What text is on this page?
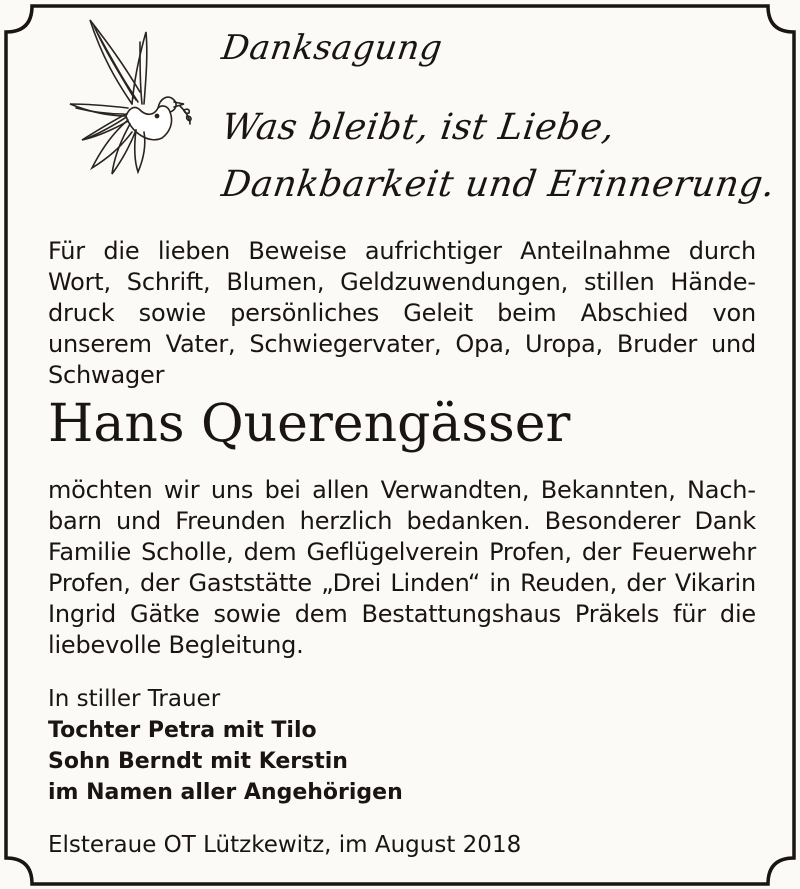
Danksagung
Was bleibt, ist Liebe,
Dankbarkeit und Erinnerung.
Für die lieben Beweise aufrichtiger Anteilnahme durch Wort, Schrift, Blumen, Geldzuwendungen, stillen Händedruck sowie persönliches Geleit beim Abschied von unserem Vater, Schwiegervater, Opa, Uropa, Bruder und Schwager
Hans Querengässer
möchten wir uns bei allen Verwandten, Bekannten, Nachbarn und Freunden herzlich bedanken. Besonderer Dank Familie Scholle, dem Geflügelverein Profen, der Feuerwehr Profen, der Gaststätte „Drei Linden“ in Reuden, der Vikarin Ingrid Gätke sowie dem Bestattungshaus Präkels für die liebevolle Begleitung.
In stiller Trauer
Tochter Petra mit Tilo
Sohn Berndt mit Kerstin
im Namen aller Angehörigen
Elsteraue OT Lützkewitz, im August 2018
